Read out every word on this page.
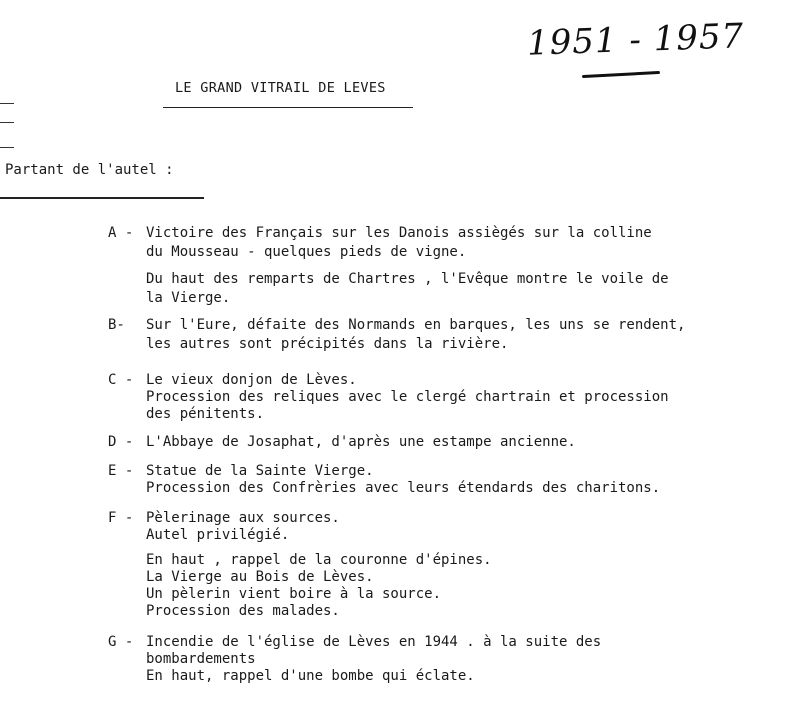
1951 - 1957
LE GRAND VITRAIL DE LEVES
Partant de l'autel :
A - Victoire des Français sur les Danois assiègés sur la colline
du Mousseau - quelques pieds de vigne.
Du haut des remparts de Chartres , l'Evêque montre le voile de
la Vierge.
B- Sur l'Eure, défaite des Normands en barques, les uns se rendent,
les autres sont précipités dans la rivière.
C - Le vieux donjon de Lèves.
Procession des reliques avec le clergé chartrain et procession
des pénitents.
D - L'Abbaye de Josaphat, d'après une estampe ancienne.
E - Statue de la Sainte Vierge.
Procession des Confrèries avec leurs étendards des charitons.
F - Pèlerinage aux sources.
Autel privilégié.
En haut , rappel de la couronne d'épines.
La Vierge au Bois de Lèves.
Un pèlerin vient boire à la source.
Procession des malades.
G - Incendie de l'église de Lèves en 1944 . à la suite des
bombardements
En haut, rappel d'une bombe qui éclate.
